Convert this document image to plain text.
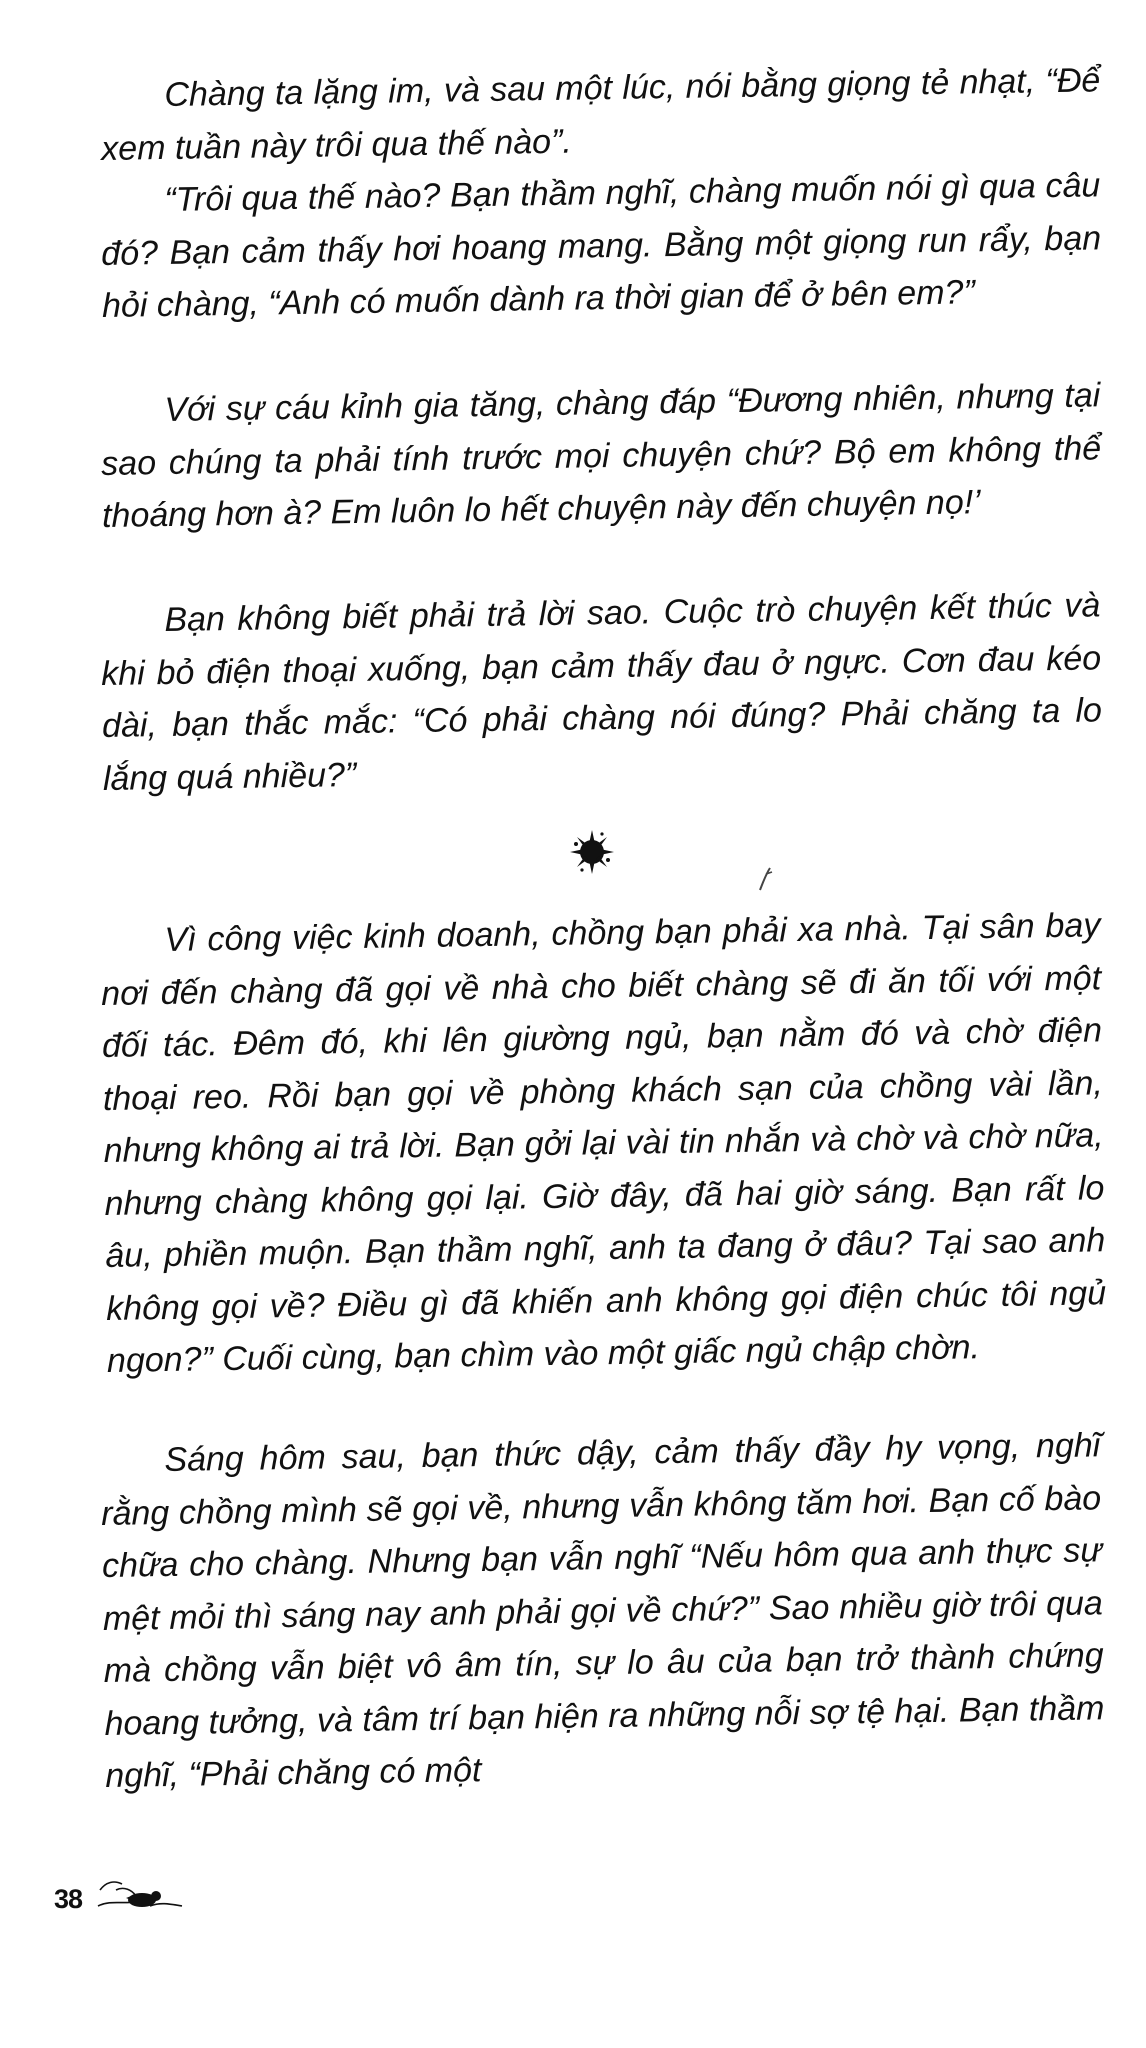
Chàng ta lặng im, và sau một lúc, nói bằng giọng tẻ nhạt, “Để xem tuần này trôi qua thế nào”.

“Trôi qua thế nào? Bạn thầm nghĩ, chàng muốn nói gì qua câu đó? Bạn cảm thấy hơi hoang mang. Bằng một giọng run rẩy, bạn hỏi chàng, “Anh có muốn dành ra thời gian để ở bên em?”

Với sự cáu kỉnh gia tăng, chàng đáp “Đương nhiên, nhưng tại sao chúng ta phải tính trước mọi chuyện chứ? Bộ em không thể thoáng hơn à? Em luôn lo hết chuyện này đến chuyện nọ!’

Bạn không biết phải trả lời sao. Cuộc trò chuyện kết thúc và khi bỏ điện thoại xuống, bạn cảm thấy đau ở ngực. Cơn đau kéo dài, bạn thắc mắc: “Có phải chàng nói đúng? Phải chăng ta lo lắng quá nhiều?”

Vì công việc kinh doanh, chồng bạn phải xa nhà. Tại sân bay nơi đến chàng đã gọi về nhà cho biết chàng sẽ đi ăn tối với một đối tác. Đêm đó, khi lên giường ngủ, bạn nằm đó và chờ điện thoại reo. Rồi bạn gọi về phòng khách sạn của chồng vài lần, nhưng không ai trả lời. Bạn gởi lại vài tin nhắn và chờ và chờ nữa, nhưng chàng không gọi lại. Giờ đây, đã hai giờ sáng. Bạn rất lo âu, phiền muộn. Bạn thầm nghĩ, anh ta đang ở đâu? Tại sao anh không gọi về? Điều gì đã khiến anh không gọi điện chúc tôi ngủ ngon?” Cuối cùng, bạn chìm vào một giấc ngủ chập chờn.

Sáng hôm sau, bạn thức dậy, cảm thấy đầy hy vọng, nghĩ rằng chồng mình sẽ gọi về, nhưng vẫn không tăm hơi. Bạn cố bào chữa cho chàng. Nhưng bạn vẫn nghĩ “Nếu hôm qua anh thực sự mệt mỏi thì sáng nay anh phải gọi về chứ?” Sao nhiều giờ trôi qua mà chồng vẫn biệt vô âm tín, sự lo âu của bạn trở thành chứng hoang tưởng, và tâm trí bạn hiện ra những nỗi sợ tệ hại. Bạn thầm nghĩ, “Phải chăng có một

38
